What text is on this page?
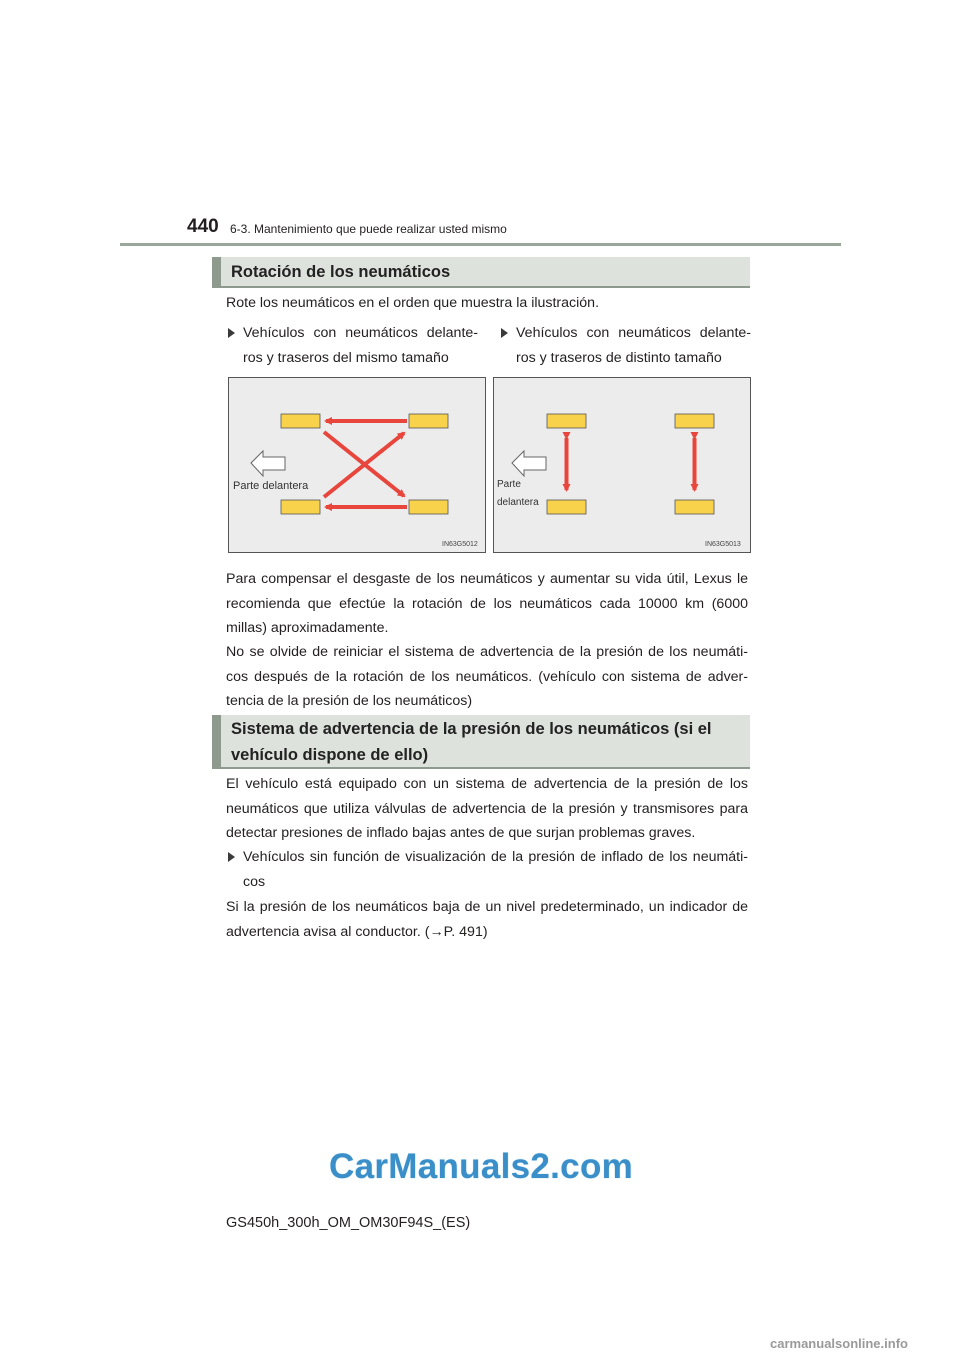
440 6-3. Mantenimiento que puede realizar usted mismo
Rotación de los neumáticos
Rote los neumáticos en el orden que muestra la ilustración.
Vehículos con neumáticos delante-ros y traseros del mismo tamaño
Vehículos con neumáticos delante-ros y traseros de distinto tamaño
Parte delantera
IN63G5012
Parte
delantera
IN63G5013
Para compensar el desgaste de los neumáticos y aumentar su vida útil, Lexus le recomienda que efectúe la rotación de los neumáticos cada 10000 km (6000 millas) aproximadamente.
No se olvide de reiniciar el sistema de advertencia de la presión de los neumáti-cos después de la rotación de los neumáticos. (vehículo con sistema de adver-tencia de la presión de los neumáticos)
Sistema de advertencia de la presión de los neumáticos (si el vehículo dispone de ello)
El vehículo está equipado con un sistema de advertencia de la presión de los neumáticos que utiliza válvulas de advertencia de la presión y transmisores para detectar presiones de inflado bajas antes de que surjan problemas graves.
Vehículos sin función de visualización de la presión de inflado de los neumáti-cos
Si la presión de los neumáticos baja de un nivel predeterminado, un indicador de advertencia avisa al conductor. (→P. 491)
CarManuals2.com
GS450h_300h_OM_OM30F94S_(ES)
carmanualsonline.info
